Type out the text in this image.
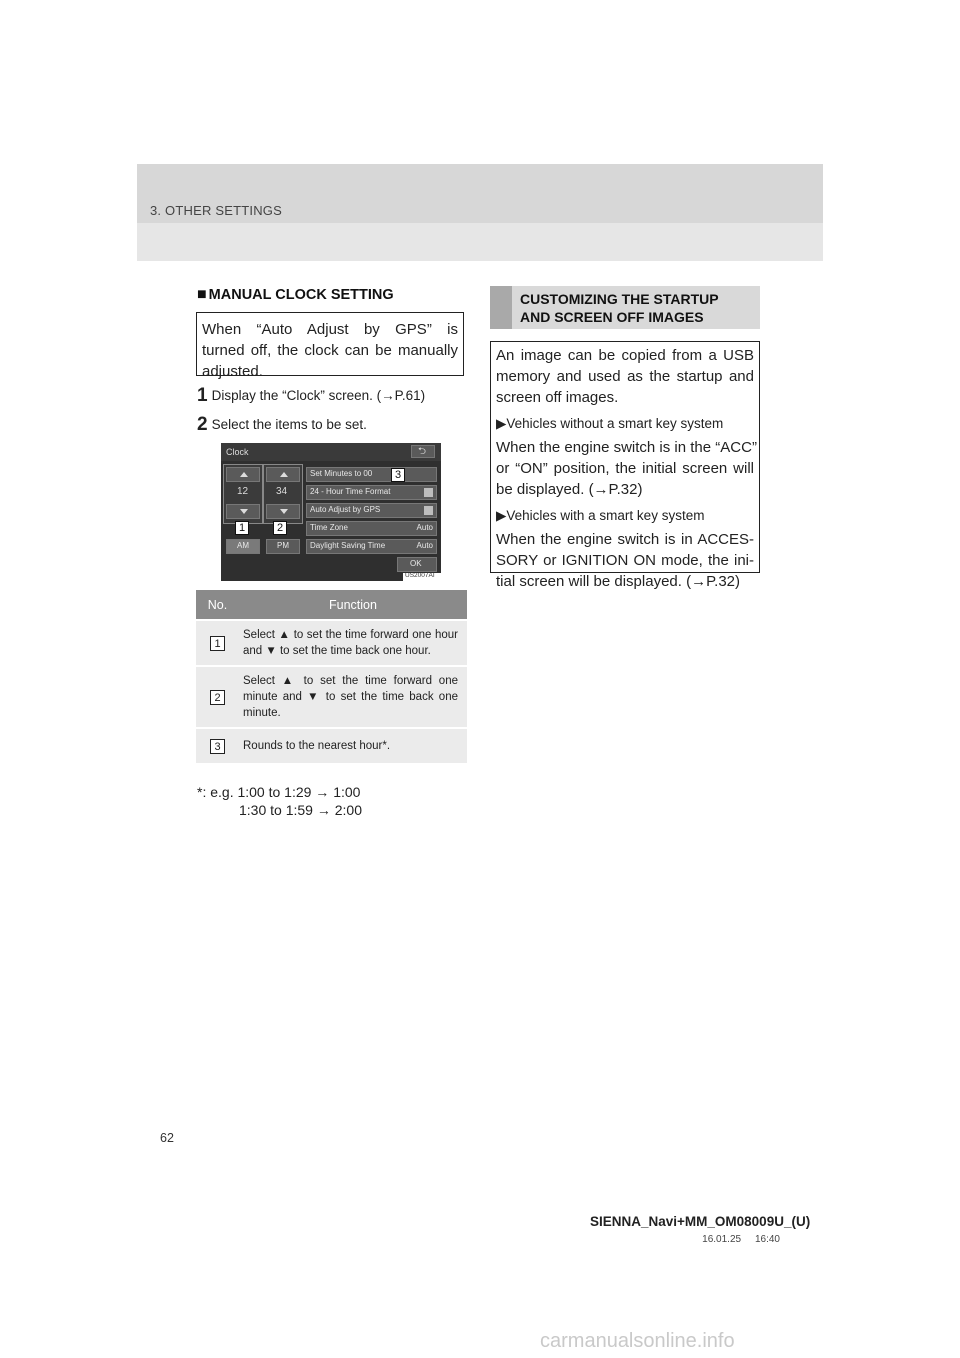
3. OTHER SETTINGS
■ MANUAL CLOCK SETTING
When “Auto Adjust by GPS” is
turned off, the clock can be manually
adjusted.
1 Display the “Clock” screen. (→P.61)
2 Select the items to be set.
Clock	⮌
12	34
AM	PM
Set Minutes to 00
24 - Hour Time Format
Auto Adjust by GPS
Time Zone	Auto
Daylight Saving Time	Auto
OK
US2007AI
1	2
3
No.	Function
1	Select ▲ to set the time forward one hour and ▼ to set the time back one hour.
2	Select ▲ to set the time forward one minute and ▼ to set the time back one minute.
3	Rounds to the nearest hour*.
*: e.g. 1:00 to 1:29 → 1:00
1:30 to 1:59 → 2:00
CUSTOMIZING THE STARTUP
AND SCREEN OFF IMAGES
An image can be copied from a USB
memory and used as the startup and
screen off images.
▶Vehicles without a smart key system
When the engine switch is in the “ACC”
or “ON” position, the initial screen will
be displayed. (→P.32)
▶Vehicles with a smart key system
When the engine switch is in ACCES-
SORY or IGNITION ON mode, the ini-
tial screen will be displayed. (→P.32)
62
SIENNA_Navi+MM_OM08009U_(U)
16.01.25     16:40
carmanualsonline.info
